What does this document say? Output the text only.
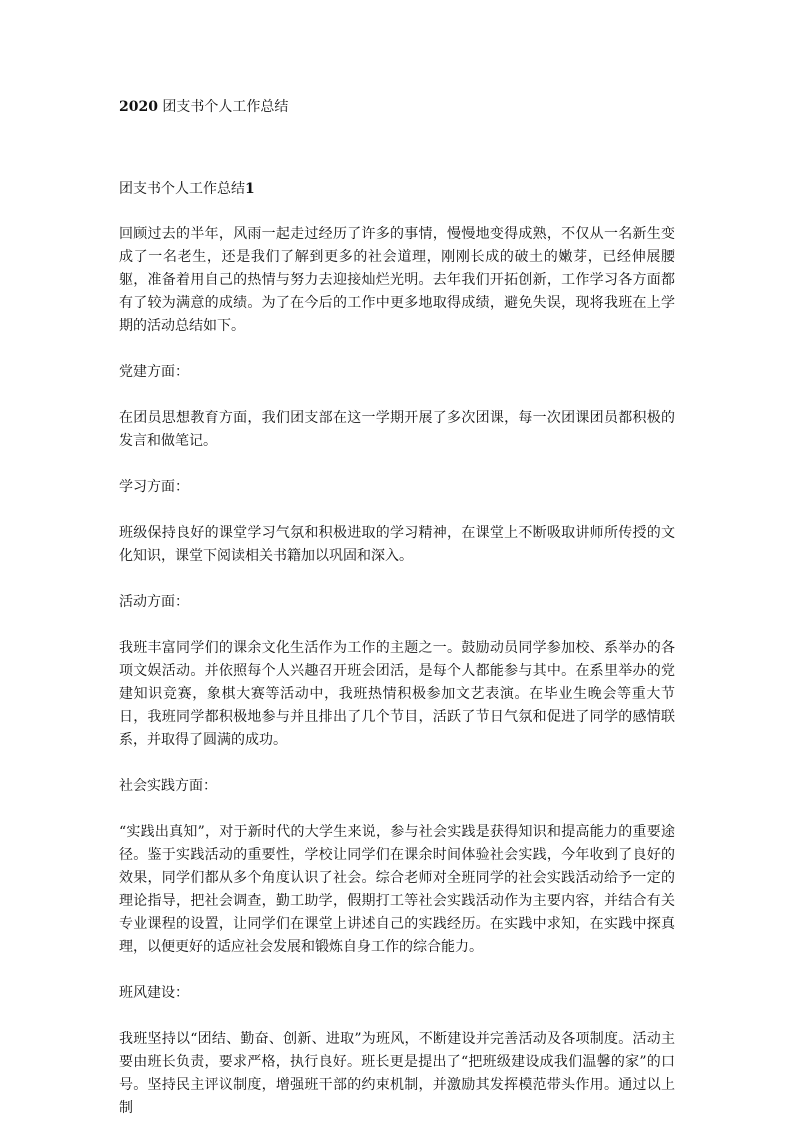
2020 团支书个人工作总结
团支书个人工作总结1

回顾过去的半年，风雨一起走过经历了许多的事情，慢慢地变得成熟，不仅从一名新生变成了一名老生，还是我们了解到更多的社会道理，刚刚长成的破土的嫩芽，已经伸展腰躯，准备着用自己的热情与努力去迎接灿烂光明。去年我们开拓创新，工作学习各方面都有了较为满意的成绩。为了在今后的工作中更多地取得成绩，避免失误，现将我班在上学期的活动总结如下。

党建方面：

在团员思想教育方面，我们团支部在这一学期开展了多次团课，每一次团课团员都积极的发言和做笔记。

学习方面：

班级保持良好的课堂学习气氛和积极进取的学习精神，在课堂上不断吸取讲师所传授的文化知识，课堂下阅读相关书籍加以巩固和深入。

活动方面：

我班丰富同学们的课余文化生活作为工作的主题之一。鼓励动员同学参加校、系举办的各项文娱活动。并依照每个人兴趣召开班会团活，是每个人都能参与其中。在系里举办的党建知识竞赛，象棋大赛等活动中，我班热情积极参加文艺表演。在毕业生晚会等重大节日，我班同学都积极地参与并且排出了几个节目，活跃了节日气氛和促进了同学的感情联系，并取得了圆满的成功。

社会实践方面：

“实践出真知”，对于新时代的大学生来说，参与社会实践是获得知识和提高能力的重要途径。鉴于实践活动的重要性，学校让同学们在课余时间体验社会实践，今年收到了良好的效果，同学们都从多个角度认识了社会。综合老师对全班同学的社会实践活动给予一定的理论指导，把社会调查，勤工助学，假期打工等社会实践活动作为主要内容，并结合有关专业课程的设置，让同学们在课堂上讲述自己的实践经历。在实践中求知，在实践中探真理，以便更好的适应社会发展和锻炼自身工作的综合能力。

班风建设：

我班坚持以“团结、勤奋、创新、进取”为班风，不断建设并完善活动及各项制度。活动主要由班长负责，要求严格，执行良好。班长更是提出了“把班级建设成我们温馨的家”的口号。坚持民主评议制度，增强班干部的约束机制，并激励其发挥模范带头作用。通过以上制
